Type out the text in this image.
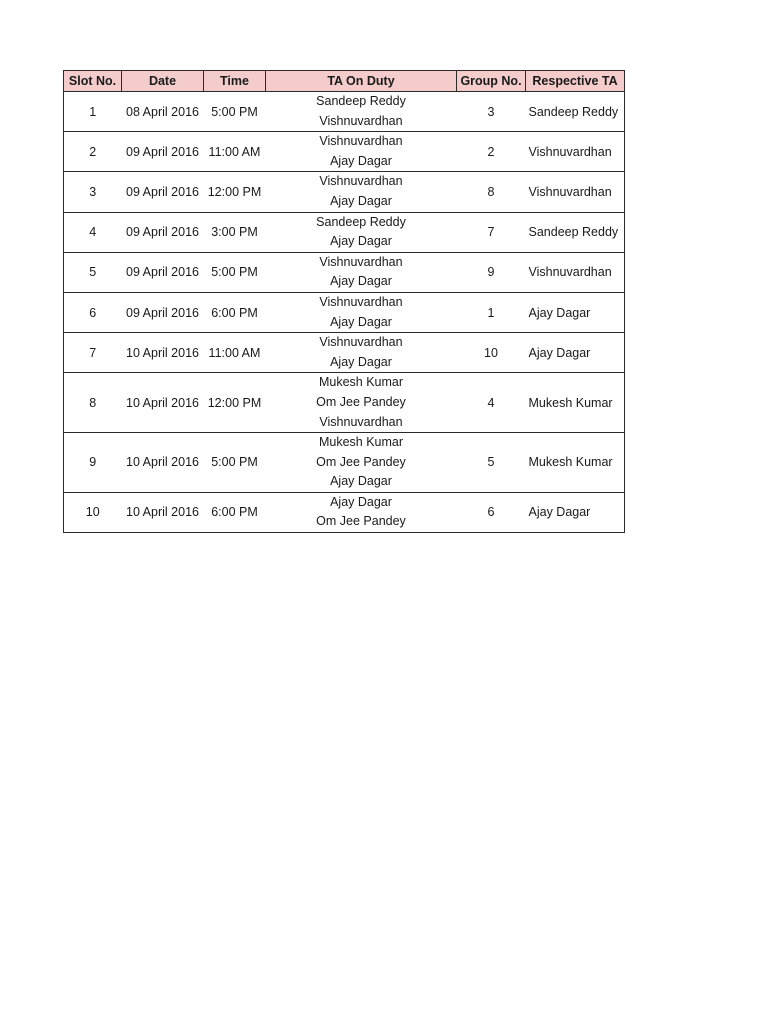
Slot No.	Date	Time	TA On Duty	Group No.	Respective TA
1	08 April 2016	5:00 PM	Sandeep Reddy
Vishnuvardhan	3	Sandeep Reddy
2	09 April 2016	11:00 AM	Vishnuvardhan
Ajay Dagar	2	Vishnuvardhan
3	09 April 2016	12:00 PM	Vishnuvardhan
Ajay Dagar	8	Vishnuvardhan
4	09 April 2016	3:00 PM	Sandeep Reddy
Ajay Dagar	7	Sandeep Reddy
5	09 April 2016	5:00 PM	Vishnuvardhan
Ajay Dagar	9	Vishnuvardhan
6	09 April 2016	6:00 PM	Vishnuvardhan
Ajay Dagar	1	Ajay Dagar
7	10 April 2016	11:00 AM	Vishnuvardhan
Ajay Dagar	10	Ajay Dagar
8	10 April 2016	12:00 PM	Mukesh Kumar
Om Jee Pandey
Vishnuvardhan	4	Mukesh Kumar
9	10 April 2016	5:00 PM	Mukesh Kumar
Om Jee Pandey
Ajay Dagar	5	Mukesh Kumar
10	10 April 2016	6:00 PM	Ajay Dagar
Om Jee Pandey	6	Ajay Dagar
